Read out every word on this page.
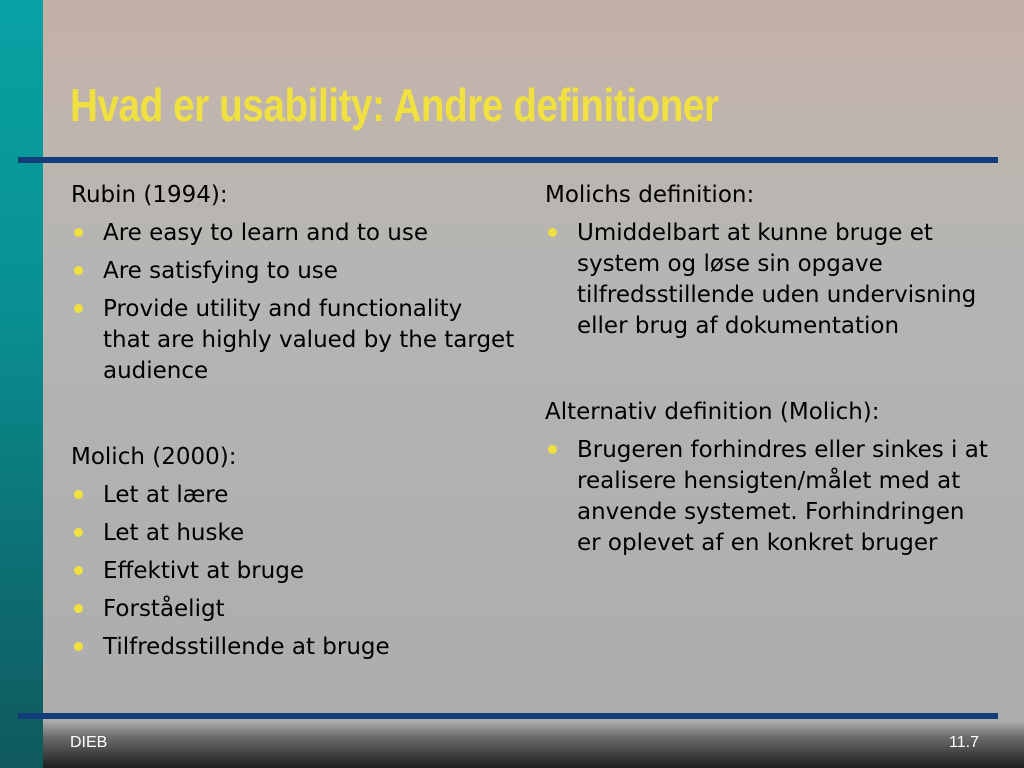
Hvad er usability: Andre definitioner

Rubin (1994):

Are easy to learn and to use
Are satisfying to use
Provide utility and functionality that are highly valued by the target audience

Molich (2000):

Let at lære
Let at huske
Effektivt at bruge
Forståeligt
Tilfredsstillende at bruge

Molichs definition:

Umiddelbart at kunne bruge et system og løse sin opgave tilfredsstillende uden undervisning eller brug af dokumentation

Alternativ definition (Molich):

Brugeren forhindres eller sinkes i at realisere hensigten/målet med at anvende systemet. Forhindringen er oplevet af en konkret bruger
DIEB	11.7
